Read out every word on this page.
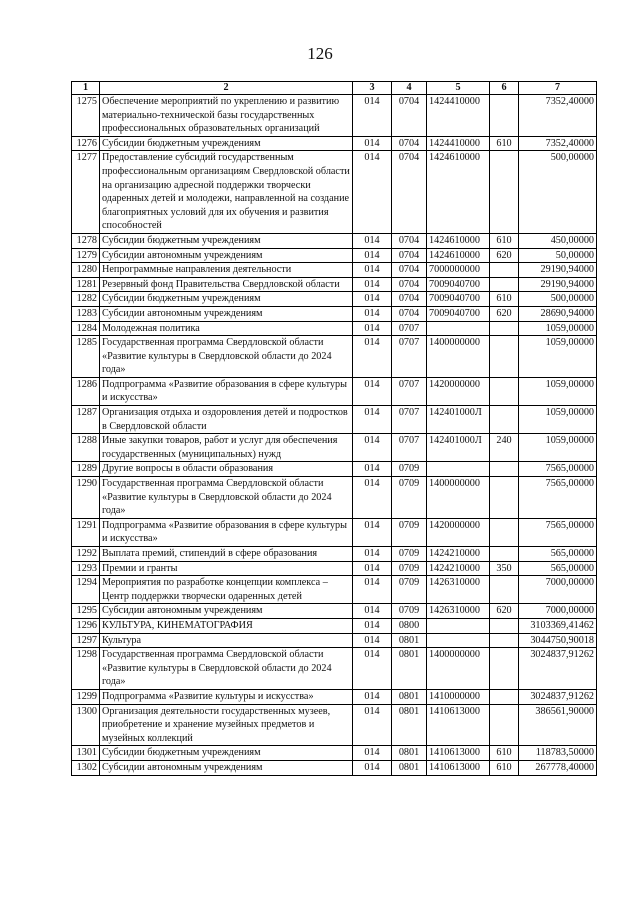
126
1	2	3	4	5	6	7
1275	Обеспечение мероприятий по укреплению и развитию материально-технической базы государственных профессиональных образовательных организаций	014	0704	1424410000		7352,40000
1276	Субсидии бюджетным учреждениям	014	0704	1424410000	610	7352,40000
1277	Предоставление субсидий государственным профессиональным организациям Свердловской области на организацию адресной поддержки творчески одаренных детей и молодежи, направленной на создание благоприятных условий для их обучения и развития способностей	014	0704	1424610000		500,00000
1278	Субсидии бюджетным учреждениям	014	0704	1424610000	610	450,00000
1279	Субсидии автономным учреждениям	014	0704	1424610000	620	50,00000
1280	Непрограммные направления деятельности	014	0704	7000000000		29190,94000
1281	Резервный фонд Правительства Свердловской области	014	0704	7009040700		29190,94000
1282	Субсидии бюджетным учреждениям	014	0704	7009040700	610	500,00000
1283	Субсидии автономным учреждениям	014	0704	7009040700	620	28690,94000
1284	Молодежная политика	014	0707			1059,00000
1285	Государственная программа Свердловской области «Развитие культуры в Свердловской области до 2024 года»	014	0707	1400000000		1059,00000
1286	Подпрограмма «Развитие образования в сфере культуры и искусства»	014	0707	1420000000		1059,00000
1287	Организация отдыха и оздоровления детей и подростков в Свердловской области	014	0707	142401000Л		1059,00000
1288	Иные закупки товаров, работ и услуг для обеспечения государственных (муниципальных) нужд	014	0707	142401000Л	240	1059,00000
1289	Другие вопросы в области образования	014	0709			7565,00000
1290	Государственная программа Свердловской области «Развитие культуры в Свердловской области до 2024 года»	014	0709	1400000000		7565,00000
1291	Подпрограмма «Развитие образования в сфере культуры и искусства»	014	0709	1420000000		7565,00000
1292	Выплата премий, стипендий в сфере образования	014	0709	1424210000		565,00000
1293	Премии и гранты	014	0709	1424210000	350	565,00000
1294	Мероприятия по разработке концепции комплекса – Центр поддержки творчески одаренных детей	014	0709	1426310000		7000,00000
1295	Субсидии автономным учреждениям	014	0709	1426310000	620	7000,00000
1296	КУЛЬТУРА, КИНЕМАТОГРАФИЯ	014	0800			3103369,41462
1297	Культура	014	0801			3044750,90018
1298	Государственная программа Свердловской области «Развитие культуры в Свердловской области до 2024 года»	014	0801	1400000000		3024837,91262
1299	Подпрограмма «Развитие культуры и искусства»	014	0801	1410000000		3024837,91262
1300	Организация деятельности государственных музеев, приобретение и хранение музейных предметов и музейных коллекций	014	0801	1410613000		386561,90000
1301	Субсидии бюджетным учреждениям	014	0801	1410613000	610	118783,50000
1302	Субсидии автономным учреждениям	014	0801	1410613000	610	267778,40000
